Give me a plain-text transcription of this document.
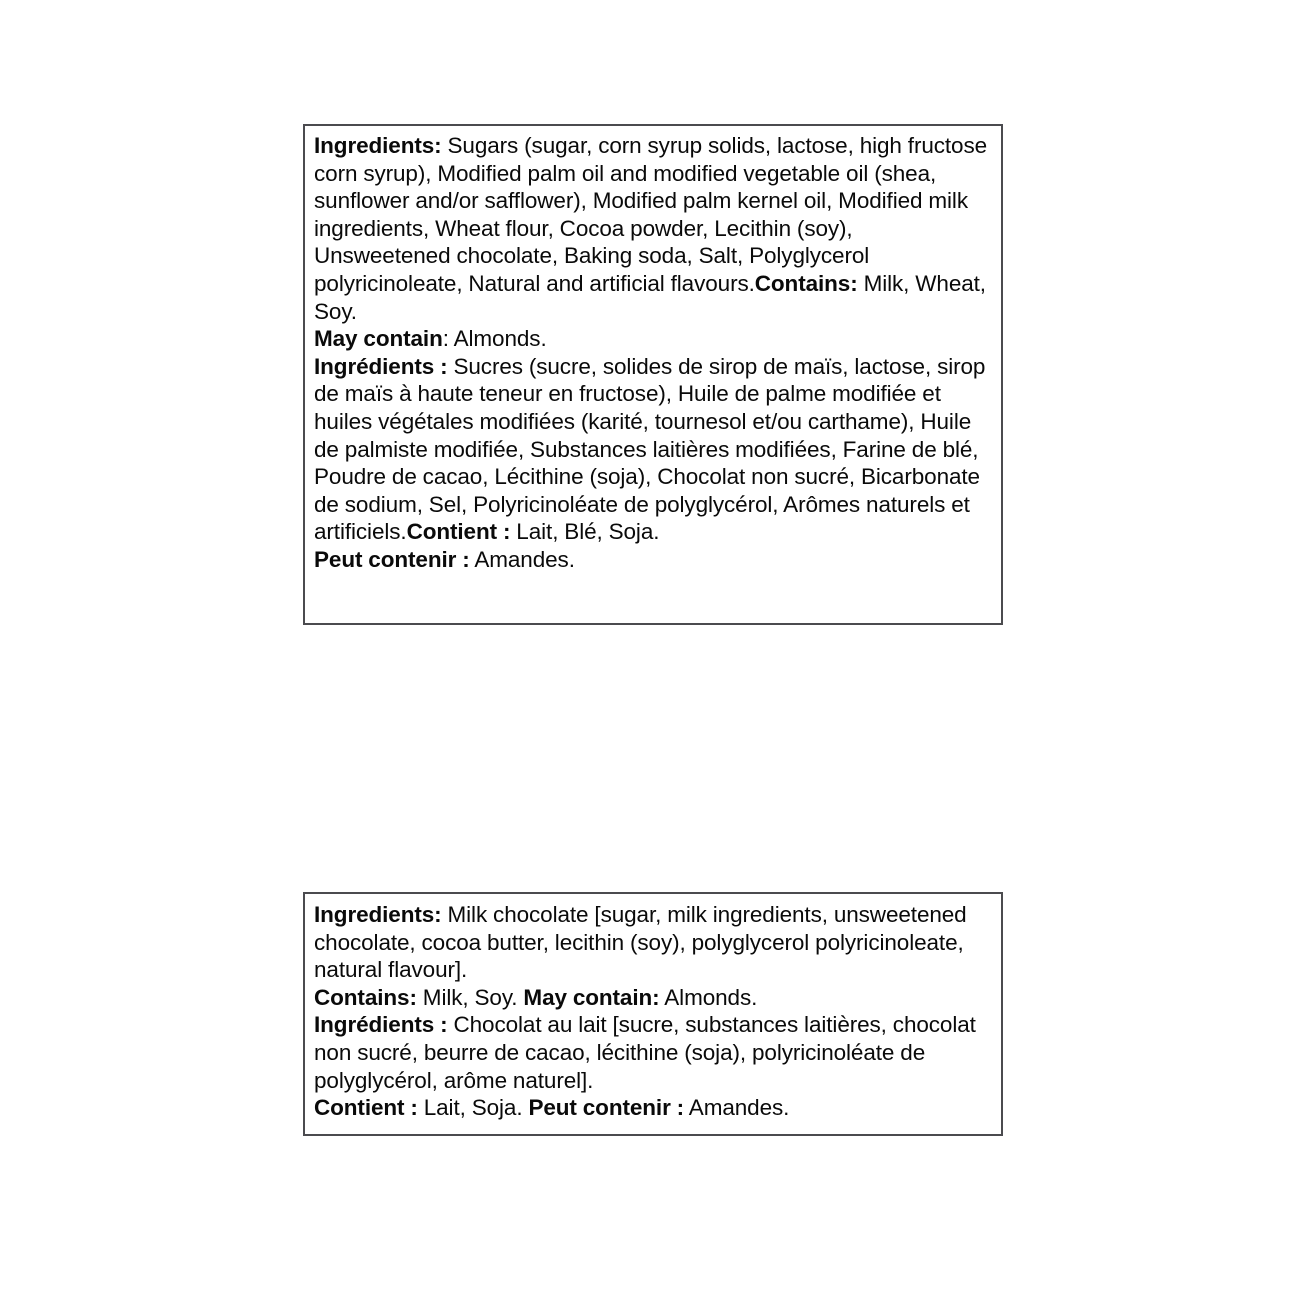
Ingredients: Sugars (sugar, corn syrup solids, lactose, high fructose corn syrup), Modified palm oil and modified vegetable oil (shea, sunflower and/or safflower), Modified palm kernel oil, Modified milk ingredients, Wheat flour, Cocoa powder, Lecithin (soy), Unsweetened chocolate, Baking soda, Salt, Polyglycerol polyricinoleate, Natural and artificial flavours.Contains: Milk, Wheat, Soy.

May contain: Almonds.

Ingrédients : Sucres (sucre, solides de sirop de maïs, lactose, sirop de maïs à haute teneur en fructose), Huile de palme modifiée et huiles végétales modifiées (karité, tournesol et/ou carthame), Huile de palmiste modifiée, Substances laitières modifiées, Farine de blé, Poudre de cacao, Lécithine (soja), Chocolat non sucré, Bicarbonate de sodium, Sel, Polyricinoléate de polyglycérol, Arômes naturels et artificiels.Contient : Lait, Blé, Soja.

Peut contenir : Amandes.

Ingredients: Milk chocolate [sugar, milk ingredients, unsweetened chocolate, cocoa butter, lecithin (soy), polyglycerol polyricinoleate, natural flavour].

Contains: Milk, Soy. May contain: Almonds.

Ingrédients : Chocolat au lait [sucre, substances laitières, chocolat non sucré, beurre de cacao, lécithine (soja), polyricinoléate de polyglycérol, arôme naturel].

Contient : Lait, Soja. Peut contenir : Amandes.
